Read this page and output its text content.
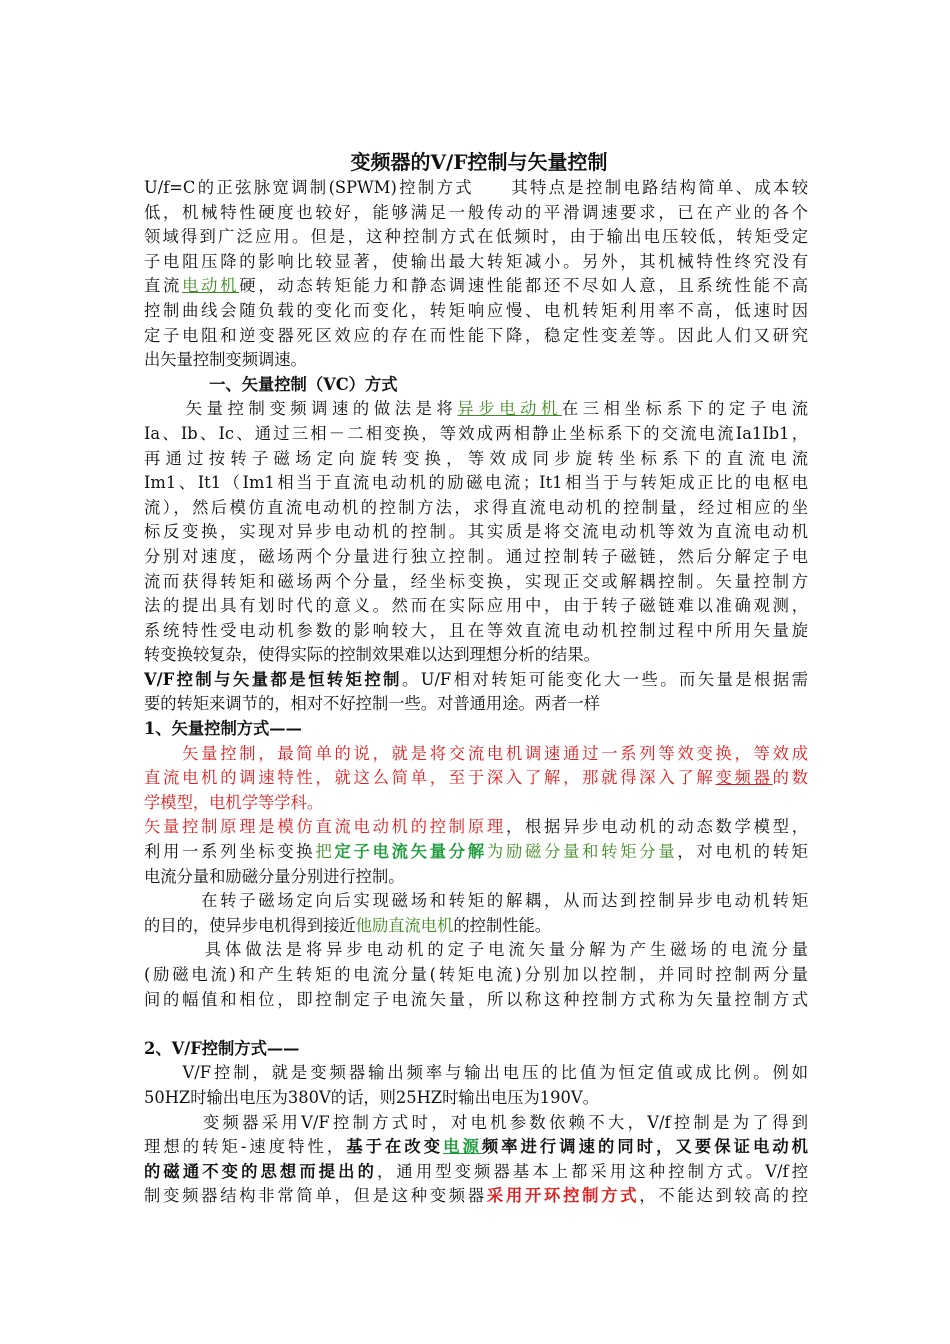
变频器的V/F控制与矢量控制
U/f=C的正弦脉宽调制(SPWM)控制方式　　其特点是控制电路结构简单、成本较
低，机械特性硬度也较好，能够满足一般传动的平滑调速要求，已在产业的各个
领域得到广泛应用。但是，这种控制方式在低频时，由于输出电压较低，转矩受定
子电阻压降的影响比较显著，使输出最大转矩减小。另外，其机械特性终究没有
直流电动机硬，动态转矩能力和静态调速性能都还不尽如人意，且系统性能不高
控制曲线会随负载的变化而变化，转矩响应慢、电机转矩利用率不高，低速时因
定子电阻和逆变器死区效应的存在而性能下降，稳定性变差等。因此人们又研究
出矢量控制变频调速。
　　　　一、矢量控制（VC）方式
　　矢量控制变频调速的做法是将异步电动机在三相坐标系下的定子电流
Ia、Ib、Ic、通过三相－二相变换，等效成两相静止坐标系下的交流电流Ia1Ib1，
再通过按转子磁场定向旋转变换，等效成同步旋转坐标系下的直流电流
Im1、It1（Im1相当于直流电动机的励磁电流；It1相当于与转矩成正比的电枢电
流），然后模仿直流电动机的控制方法，求得直流电动机的控制量，经过相应的坐
标反变换，实现对异步电动机的控制。其实质是将交流电动机等效为直流电动机
分别对速度，磁场两个分量进行独立控制。通过控制转子磁链，然后分解定子电
流而获得转矩和磁场两个分量，经坐标变换，实现正交或解耦控制。矢量控制方
法的提出具有划时代的意义。然而在实际应用中，由于转子磁链难以准确观测，
系统特性受电动机参数的影响较大，且在等效直流电动机控制过程中所用矢量旋
转变换较复杂，使得实际的控制效果难以达到理想分析的结果。
V/F控制与矢量都是恒转矩控制。U/F相对转矩可能变化大一些。而矢量是根据需
要的转矩来调节的，相对不好控制一些。对普通用途。两者一样
1、矢量控制方式——
　　矢量控制，最简单的说，就是将交流电机调速通过一系列等效变换，等效成
直流电机的调速特性，就这么简单，至于深入了解，那就得深入了解变频器的数
学模型，电机学等学科。
矢量控制原理是模仿直流电动机的控制原理，根据异步电动机的动态数学模型，
利用一系列坐标变换把定子电流矢量分解为励磁分量和转矩分量，对电机的转矩
电流分量和励磁分量分别进行控制。
　　　在转子磁场定向后实现磁场和转矩的解耦，从而达到控制异步电动机转矩
的目的，使异步电机得到接近他励直流电机的控制性能。
　　　具体做法是将异步电动机的定子电流矢量分解为产生磁场的电流分量
(励磁电流)和产生转矩的电流分量(转矩电流)分别加以控制，并同时控制两分量
间的幅值和相位，即控制定子电流矢量，所以称这种控制方式称为矢量控制方式
2、V/F控制方式——
　　V/F控制，就是变频器输出频率与输出电压的比值为恒定值或成比例。例如
50HZ时输出电压为380V的话，则25HZ时输出电压为190V。
　　　变频器采用V/F控制方式时，对电机参数依赖不大，V/f控制是为了得到
理想的转矩-速度特性，基于在改变电源频率进行调速的同时，又要保证电动机
的磁通不变的思想而提出的，通用型变频器基本上都采用这种控制方式。V/f控
制变频器结构非常简单，但是这种变频器采用开环控制方式，不能达到较高的控
